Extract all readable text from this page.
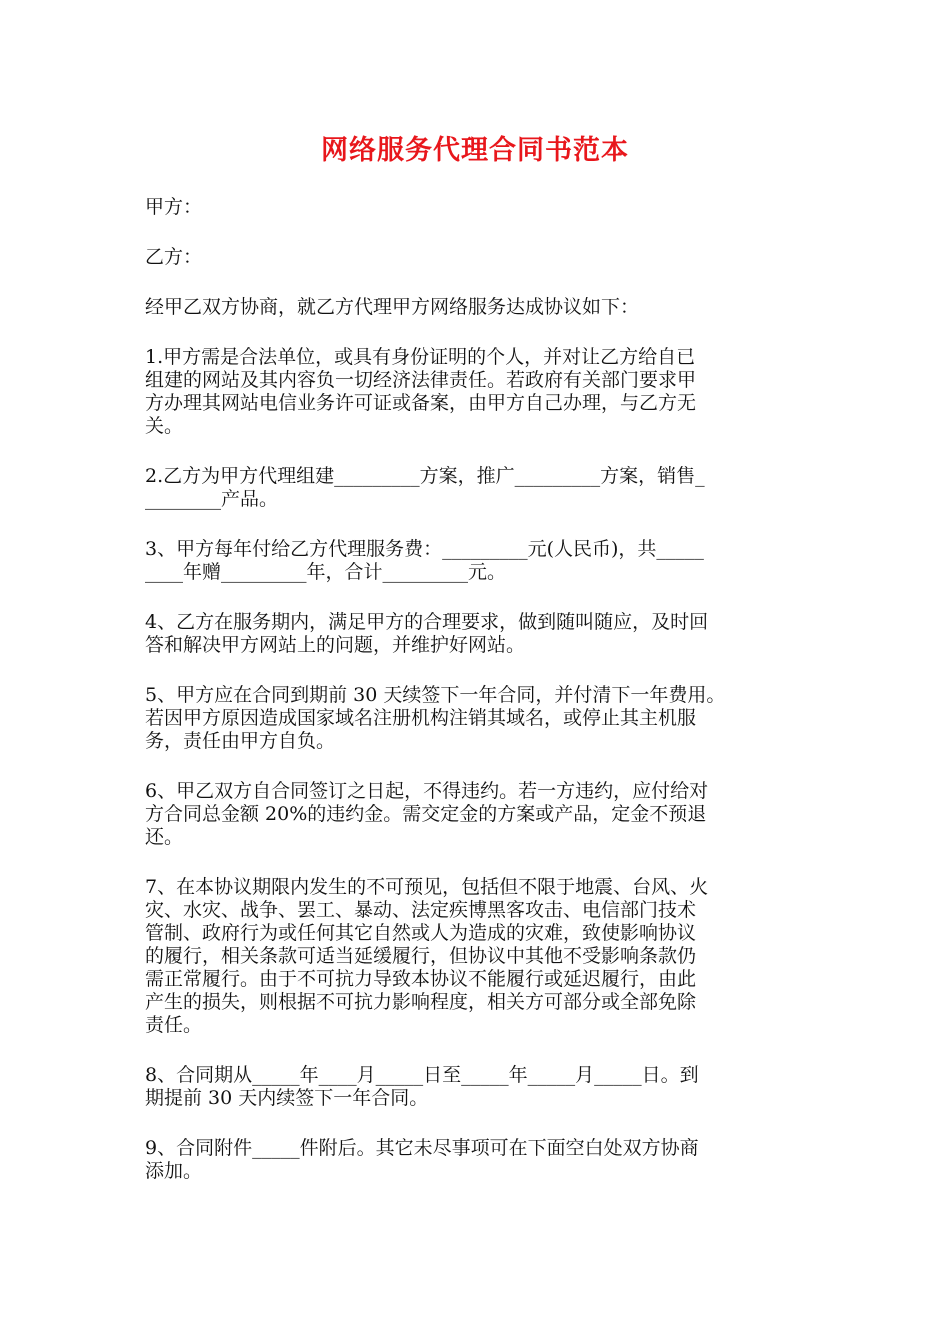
网络服务代理合同书范本

甲方：

乙方：

经甲乙双方协商，就乙方代理甲方网络服务达成协议如下：

1.甲方需是合法单位，或具有身份证明的个人，并对让乙方给自已
组建的网站及其内容负一切经济法律责任。若政府有关部门要求甲
方办理其网站电信业务许可证或备案，由甲方自己办理，与乙方无
关。

2.乙方为甲方代理组建_________方案，推广_________方案，销售_
________产品。

3、甲方每年付给乙方代理服务费：_________元(人民币)，共_____
____年赠_________年，合计_________元。

4、乙方在服务期内，满足甲方的合理要求，做到随叫随应，及时回
答和解决甲方网站上的问题，并维护好网站。

5、甲方应在合同到期前 30 天续签下一年合同，并付清下一年费用。
若因甲方原因造成国家域名注册机构注销其域名，或停止其主机服
务，责任由甲方自负。

6、甲乙双方自合同签订之日起，不得违约。若一方违约，应付给对
方合同总金额 20%的违约金。需交定金的方案或产品，定金不预退
还。

7、在本协议期限内发生的不可预见，包括但不限于地震、台风、火
灾、水灾、战争、罢工、暴动、法定疾博黑客攻击、电信部门技术
管制、政府行为或任何其它自然或人为造成的灾难，致使影响协议
的履行，相关条款可适当延缓履行，但协议中其他不受影响条款仍
需正常履行。由于不可抗力导致本协议不能履行或延迟履行，由此
产生的损失，则根据不可抗力影响程度，相关方可部分或全部免除
责任。

8、合同期从_____年____月_____日至_____年_____月_____日。到
期提前 30 天内续签下一年合同。

9、合同附件_____件附后。其它未尽事项可在下面空白处双方协商
添加。
